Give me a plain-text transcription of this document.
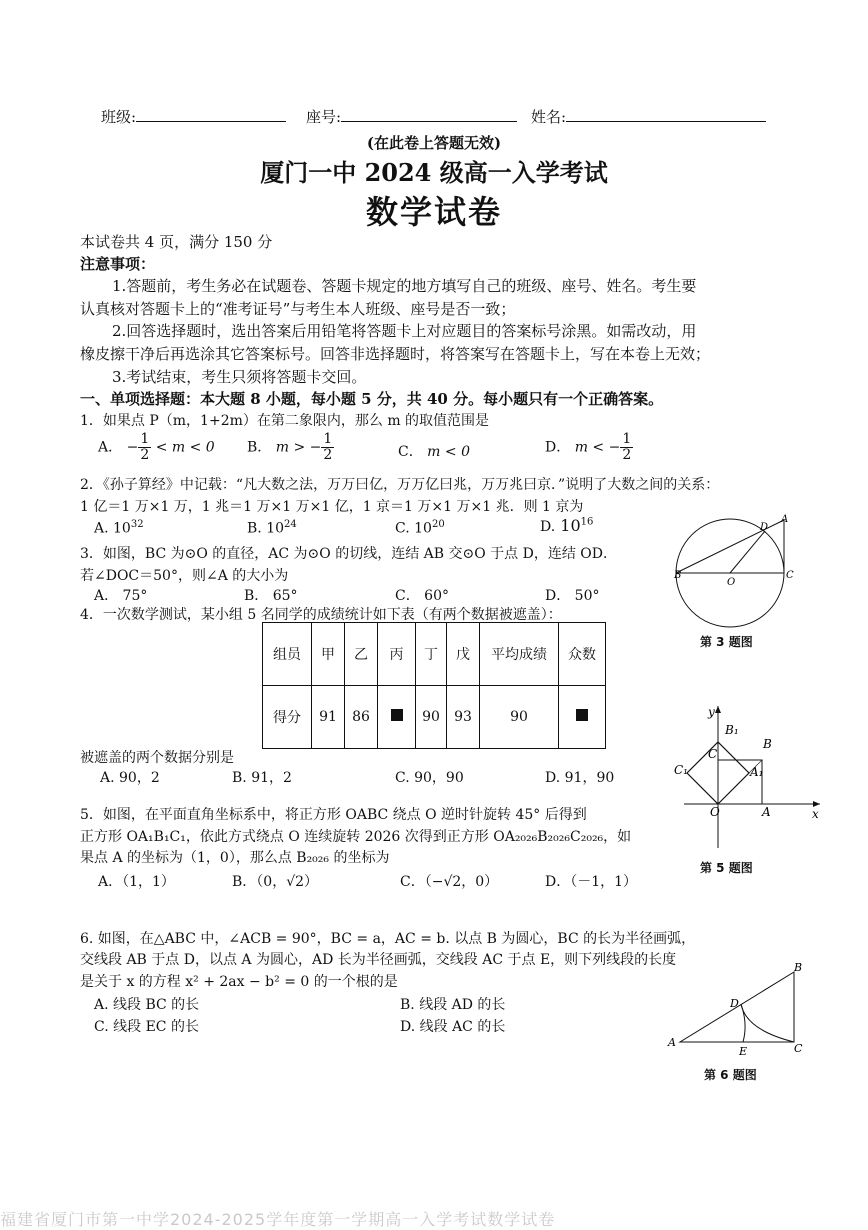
班级:	座号:	姓名:
(在此卷上答题无效)
厦门一中 2024 级高一入学考试
数学试卷
本试卷共 4 页，满分 150 分
注意事项：
1.答题前，考生务必在试题卷、答题卡规定的地方填写自己的班级、座号、姓名。考生要
认真核对答题卡上的“准考证号”与考生本人班级、座号是否一致；
2.回答选择题时，选出答案后用铅笔将答题卡上对应题目的答案标号涂黑。如需改动，用
橡皮擦干净后再选涂其它答案标号。回答非选择题时，将答案写在答题卡上，写在本卷上无效；
3.考试结束，考生只须将答题卡交回。
一、单项选择题：本大题 8 小题，每小题 5 分，共 40 分。每小题只有一个正确答案。
1．如果点 P（m，1+2m）在第二象限内，那么 m 的取值范围是
A． − $\frac{1}{2} < m < 0$ B． m > − $\frac{1}{2}$	C． m < 0	D． m < − $\frac{1}{2}$
2．《孙子算经》中记载：“凡大数之法，万万曰亿，万万亿曰兆，万万兆曰京．”说明了大数之间的关系：
1 亿＝1 万×1 万，1 兆＝1 万×1 万×1 亿，1 京＝1 万×1 万×1 兆．则 1 京为
A. $10^{32}$	B. $10^{24}$	C. $10^{20}$	D. $10^{16}$
3．如图，BC 为⊙O 的直径，AC 为⊙O 的切线，连结 AB 交⊙O 于点 D，连结 OD．
若∠DOC＝50°，则∠A 的大小为
A． 75°	B． 65°	C． 60°	D． 50°
D
A
B
O
C
第 3 题图
4．一次数学测试，某小组 5 名同学的成绩统计如下表（有两个数据被遮盖）：
组员	甲	乙	丙	丁	戊	平均成绩	众数
得分	91	86		90	93	90	
被遮盖的两个数据分别是
A. 90，2	B. 91，2	C. 90，90	D. 91，90
y
x
B₁
B
C
C₁	A₁
O	A
第 5 题图
5．如图，在平面直角坐标系中，将正方形 OABC 绕点 O 逆时针旋转 45° 后得到
正方形 OA₁B₁C₁，依此方式绕点 O 连续旋转 2026 次得到正方形 OA₂₀₂₆B₂₀₂₆C₂₀₂₆，如
果点 A 的坐标为（1，0），那么点 B₂₀₂₆ 的坐标为
A．（1，1）	B．（0，√2）	C．（−√2，0）	D．（－1，1）
6. 如图，在△ABC 中，∠ACB = 90°，BC = a，AC = b. 以点 B 为圆心，BC 的长为半径画弧，
交线段 AB 于点 D，以点 A 为圆心，AD 长为半径画弧，交线段 AC 于点 E，则下列线段的长度
是关于 x 的方程 x² + 2ax − b² = 0 的一个根的是
A. 线段 BC 的长	B. 线段 AD 的长
C. 线段 EC 的长	D. 线段 AC 的长
B
D
A
E	C
第 6 题图
福建省厦门市第一中学2024-2025学年度第一学期高一入学考试数学试卷
